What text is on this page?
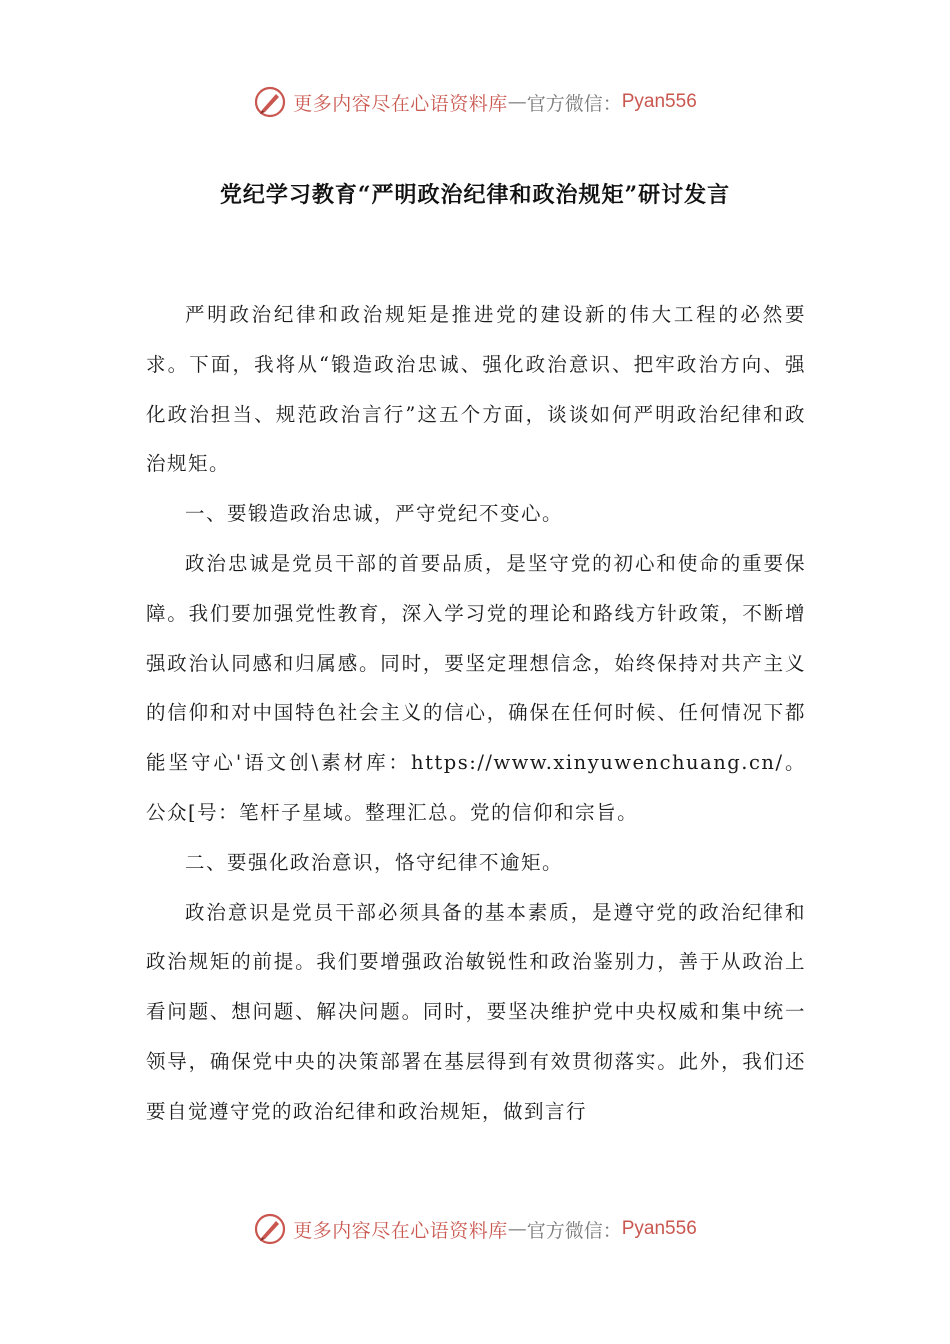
更多内容尽在心语资料库 — 官方微信： Pyan556
党纪学习教育“严明政治纪律和政治规矩”研讨发言

严明政治纪律和政治规矩是推进党的建设新的伟大工程的必然要求。下面，我将从“锻造政治忠诚、强化政治意识、把牢政治方向、强化政治担当、规范政治言行”这五个方面，谈谈如何严明政治纪律和政治规矩。

一、要锻造政治忠诚，严守党纪不变心。

政治忠诚是党员干部的首要品质，是坚守党的初心和使命的重要保障。我们要加强党性教育，深入学习党的理论和路线方针政策，不断增强政治认同感和归属感。同时，要坚定理想信念，始终保持对共产主义的信仰和对中国特色社会主义的信心，确保在任何时候、任何情况下都能坚守心'语文创\素材库：https://www.xinyuwenchuang.cn/。公众[号：笔杆子星域。整理汇总。党的信仰和宗旨。

二、要强化政治意识，恪守纪律不逾矩。

政治意识是党员干部必须具备的基本素质，是遵守党的政治纪律和政治规矩的前提。我们要增强政治敏锐性和政治鉴别力，善于从政治上看问题、想问题、解决问题。同时，要坚决维护党中央权威和集中统一领导，确保党中央的决策部署在基层得到有效贯彻落实。此外，我们还要自觉遵守党的政治纪律和政治规矩，做到言行

更多内容尽在心语资料库 — 官方微信： Pyan556
